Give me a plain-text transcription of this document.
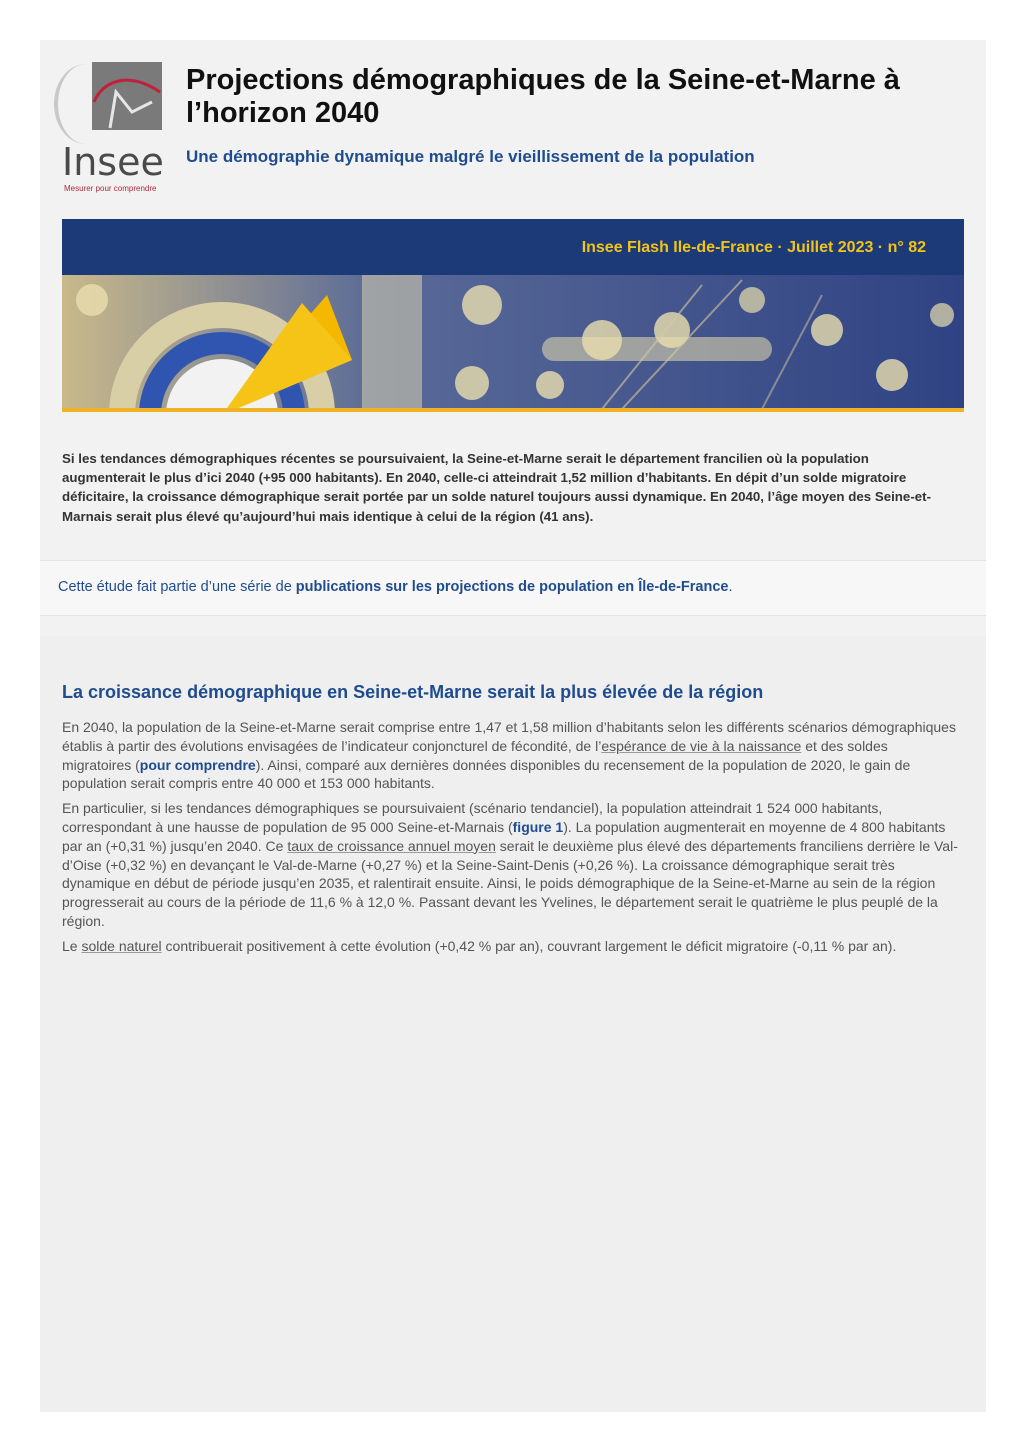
Insee
Mesurer pour comprendre
Projections démographiques de la Seine-et-Marne à l’horizon 2040
Une démographie dynamique malgré le vieillissement de la population
Insee Flash Ile-de-France · Juillet 2023 · n° 82

Si les tendances démographiques récentes se poursuivaient, la Seine-et-Marne serait le département francilien où la population augmenterait le plus d’ici 2040 (+95 000 habitants). En 2040, celle-ci atteindrait 1,52 million d’habitants. En dépit d’un solde migratoire déficitaire, la croissance démographique serait portée par un solde naturel toujours aussi dynamique. En 2040, l’âge moyen des Seine-et-Marnais serait plus élevé qu’aujourd’hui mais identique à celui de la région (41 ans).

Cette étude fait partie d’une série de publications sur les projections de population en Île-de-France.
La croissance démographique en Seine-et-Marne serait la plus élevée de la région

En 2040, la population de la Seine-et-Marne serait comprise entre 1,47 et 1,58 million d’habitants selon les différents scénarios démographiques établis à partir des évolutions envisagées de l’indicateur conjoncturel de fécondité, de l’espérance de vie à la naissance et des soldes migratoires (pour comprendre). Ainsi, comparé aux dernières données disponibles du recensement de la population de 2020, le gain de population serait compris entre 40 000 et 153 000 habitants.

En particulier, si les tendances démographiques se poursuivaient (scénario tendanciel), la population atteindrait 1 524 000 habitants, correspondant à une hausse de population de 95 000 Seine-et-Marnais (figure 1). La population augmenterait en moyenne de 4 800 habitants par an (+0,31 %) jusqu’en 2040. Ce taux de croissance annuel moyen serait le deuxième plus élevé des départements franciliens derrière le Val-d’Oise (+0,32 %) en devançant le Val-de-Marne (+0,27 %) et la Seine-Saint-Denis (+0,26 %). La croissance démographique serait très dynamique en début de période jusqu’en 2035, et ralentirait ensuite. Ainsi, le poids démographique de la Seine-et-Marne au sein de la région progresserait au cours de la période de 11,6 % à 12,0 %. Passant devant les Yvelines, le département serait le quatrième le plus peuplé de la région.

Le solde naturel contribuerait positivement à cette évolution (+0,42 % par an), couvrant largement le déficit migratoire (-0,11 % par an).
